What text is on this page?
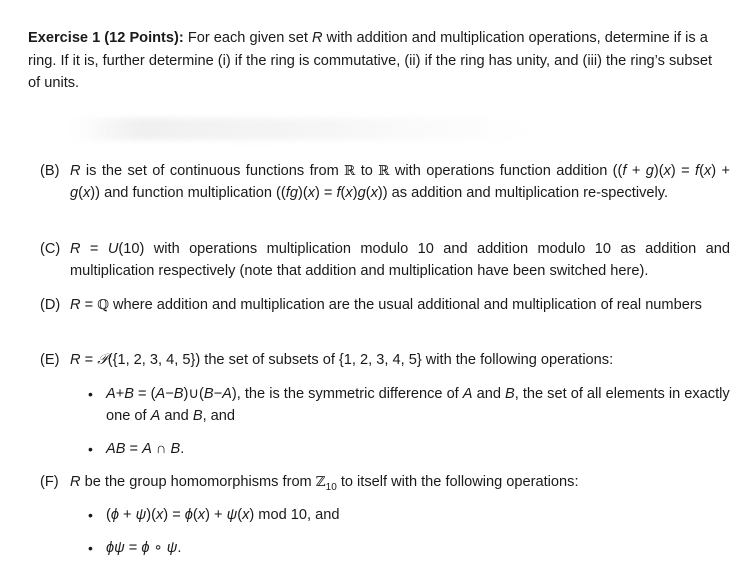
Exercise 1 (12 Points): For each given set R with addition and multiplication operations, determine if is a ring. If it is, further determine (i) if the ring is commutative, (ii) if the ring has unity, and (iii) the ring’s subset of units.
(B) R is the set of continuous functions from ℝ to ℝ with operations function addition ((f + g)(x) = f(x) + g(x)) and function multiplication ((fg)(x) = f(x)g(x)) as addition and multiplication re-spectively.
(C) R = U(10) with operations multiplication modulo 10 and addition modulo 10 as addition and multiplication respectively (note that addition and multiplication have been switched here).
(D) R = ℚ where addition and multiplication are the usual additional and multiplication of real numbers
(E) R = 𝒫({1, 2, 3, 4, 5}) the set of subsets of {1, 2, 3, 4, 5} with the following operations:
• A+B = (A−B)∪(B−A), the is the symmetric difference of A and B, the set of all elements in exactly one of A and B, and
• AB = A ∩ B.
(F) R be the group homomorphisms from ℤ$_{10}$ to itself with the following operations:
• (ϕ + ψ)(x) = ϕ(x) + ψ(x) mod 10, and
• ϕψ = ϕ ∘ ψ.
